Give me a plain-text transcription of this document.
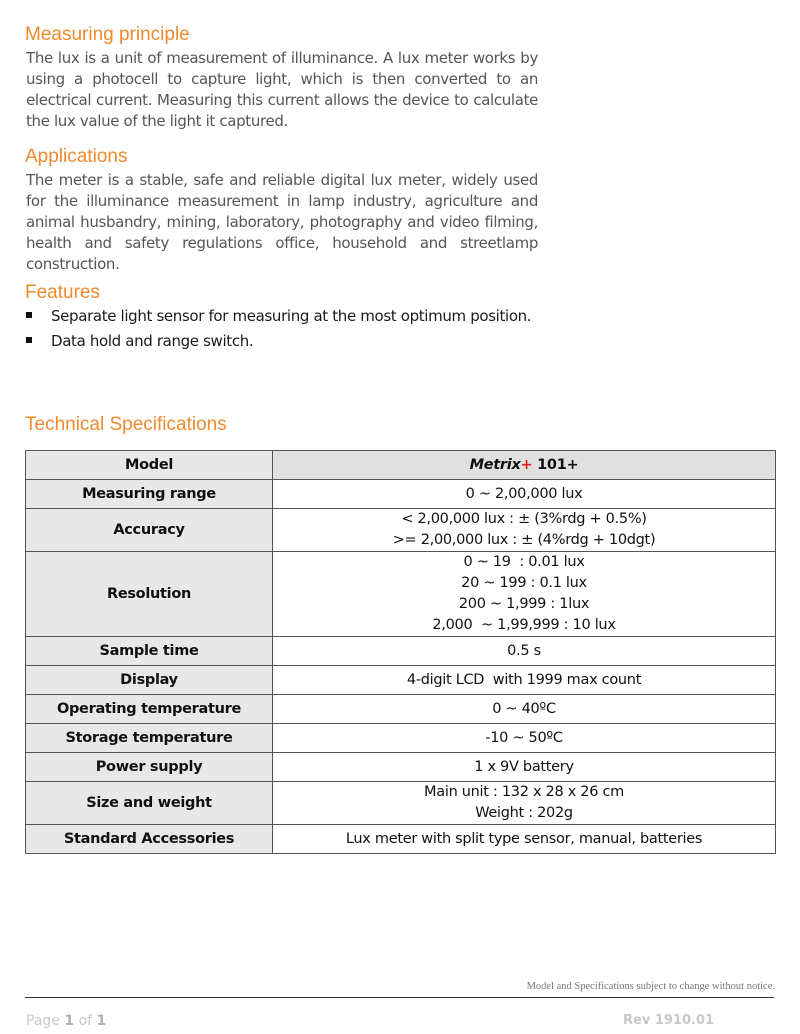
Measuring principle

The lux is a unit of measurement of illuminance. A lux meter works by using a photocell to capture light, which is then converted to an electrical current. Measuring this current allows the device to calculate the lux value of the light it captured.

Applications

The meter is a stable, safe and reliable digital lux meter, widely used for the illuminance measurement in lamp industry, agriculture and animal husbandry, mining, laboratory, photography and video filming, health and safety regulations office, household and streetlamp construction.

Features
Separate light sensor for measuring at the most optimum position.
Data hold and range switch.
Technical Specifications
Model	Metrix+ 101+
Measuring range	0 ~ 2,00,000 lux

Accuracy	< 2,00,000 lux : ± (3%rdg + 0.5%)
>= 2,00,000 lux : ± (4%rdg + 10dgt)

Resolution	0 ~ 19  : 0.01 lux
20 ~ 199 : 0.1 lux
200 ~ 1,999 : 1lux
2,000  ~ 1,99,999 : 10 lux

Sample time	0.5 s

Display	4-digit LCD  with 1999 max count

Operating temperature	0 ~ 40ºC

Storage temperature	-10 ~ 50ºC

Power supply	1 x 9V battery

Size and weight	Main unit : 132 x 28 x 26 cm
Weight : 202g

Standard Accessories	Lux meter with split type sensor, manual, batteries
Model and Specifications subject to change without notice.
Page 1 of 1	Rev 1910.01
